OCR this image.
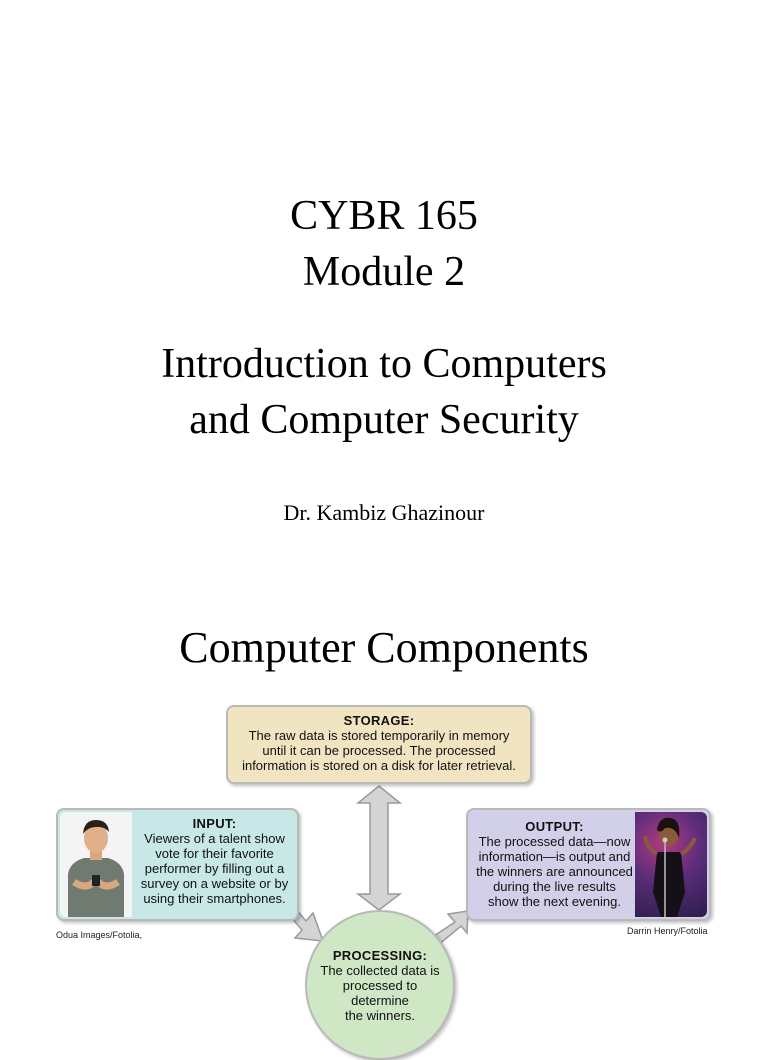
CYBR 165
Module 2
Introduction to Computers
and Computer Security
Dr. Kambiz Ghazinour
Computer Components
STORAGE:
The raw data is stored temporarily in memory
until it can be processed. The processed
information is stored on a disk for later retrieval.
INPUT:
Viewers of a talent show
vote for their favorite
performer by filling out a
survey on a website or by
using their smartphones.
OUTPUT:
The processed data—now
information—is output and
the winners are announced
during the live results
show the next evening.
PROCESSING:
The collected data is
processed to
determine
the winners.
Odua Images/Fotolia,	Darrin Henry/Fotolia
